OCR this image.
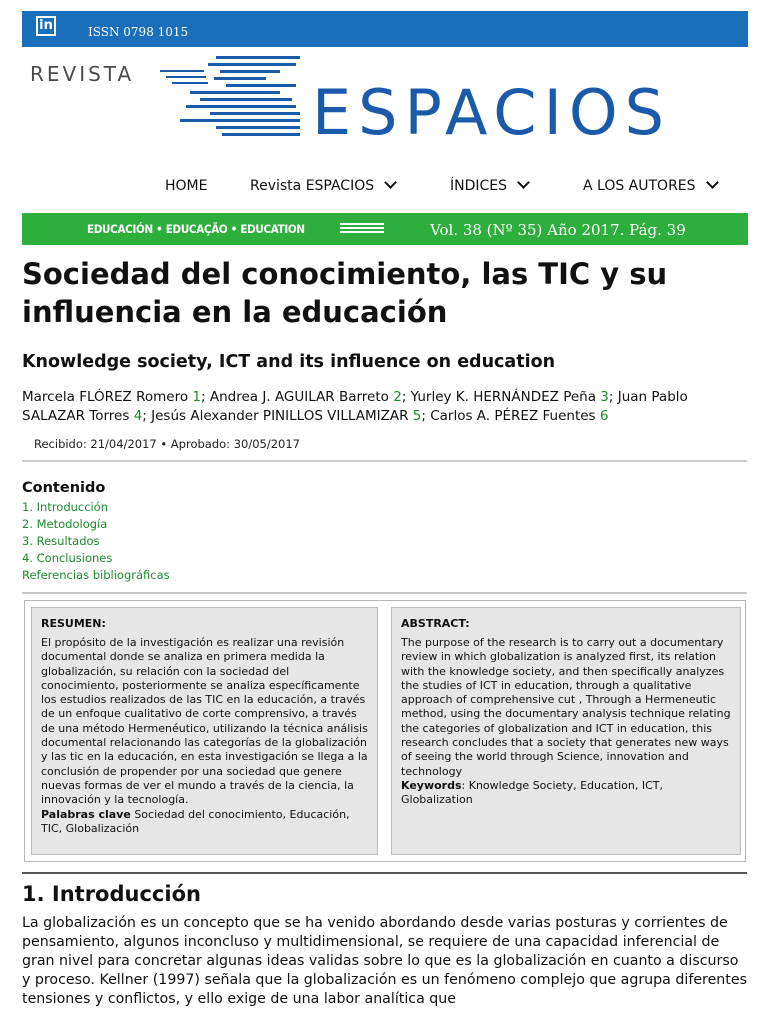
in	ISSN 0798 1015
REVISTA
ESPACIOS
HOME	Revista ESPACIOS	ÍNDICES	A LOS AUTORES
EDUCACIÓN • EDUCAÇÃO • EDUCATION	Vol. 38 (Nº 35) Año 2017. Pág. 39
Sociedad del conocimiento, las TIC y su influencia en la educación
Knowledge society, ICT and its influence on education
Marcela FLÓREZ Romero 1; Andrea J. AGUILAR Barreto 2; Yurley K. HERNÁNDEZ Peña 3; Juan Pablo SALAZAR Torres 4; Jesús Alexander PINILLOS VILLAMIZAR 5; Carlos A. PÉREZ Fuentes 6
Recibido: 21/04/2017 • Aprobado: 30/05/2017
Contenido
1. Introducción
2. Metodología
3. Resultados
4. Conclusiones
Referencias bibliográficas
RESUMEN:

El propósito de la investigación es realizar una revisión documental donde se analiza en primera medida la globalización, su relación con la sociedad del conocimiento, posteriormente se analiza específicamente los estudios realizados de las TIC en la educación, a través de un enfoque cualitativo de corte comprensivo, a través de una método Hermenéutico, utilizando la técnica análisis documental relacionando las categorías de la globalización y las tic en la educación, en esta investigación se llega a la conclusión de propender por una sociedad que genere nuevas formas de ver el mundo a través de la ciencia, la innovación y la tecnología.
Palabras clave Sociedad del conocimiento, Educación, TIC, Globalización

ABSTRACT:

The purpose of the research is to carry out a documentary review in which globalization is analyzed first, its relation with the knowledge society, and then specifically analyzes the studies of ICT in education, through a qualitative approach of comprehensive cut , Through a Hermeneutic method, using the documentary analysis technique relating the categories of globalization and ICT in education, this research concludes that a society that generates new ways of seeing the world through Science, innovation and technology
Keywords: Knowledge Society, Education, ICT, Globalization

1. Introducción

La globalización es un concepto que se ha venido abordando desde varias posturas y corrientes de pensamiento, algunos inconcluso y multidimensional, se requiere de una capacidad inferencial de gran nivel para concretar algunas ideas validas sobre lo que es la globalización en cuanto a discurso y proceso. Kellner (1997) señala que la globalización es un fenómeno complejo que agrupa diferentes tensiones y conflictos, y ello exige de una labor analítica que
